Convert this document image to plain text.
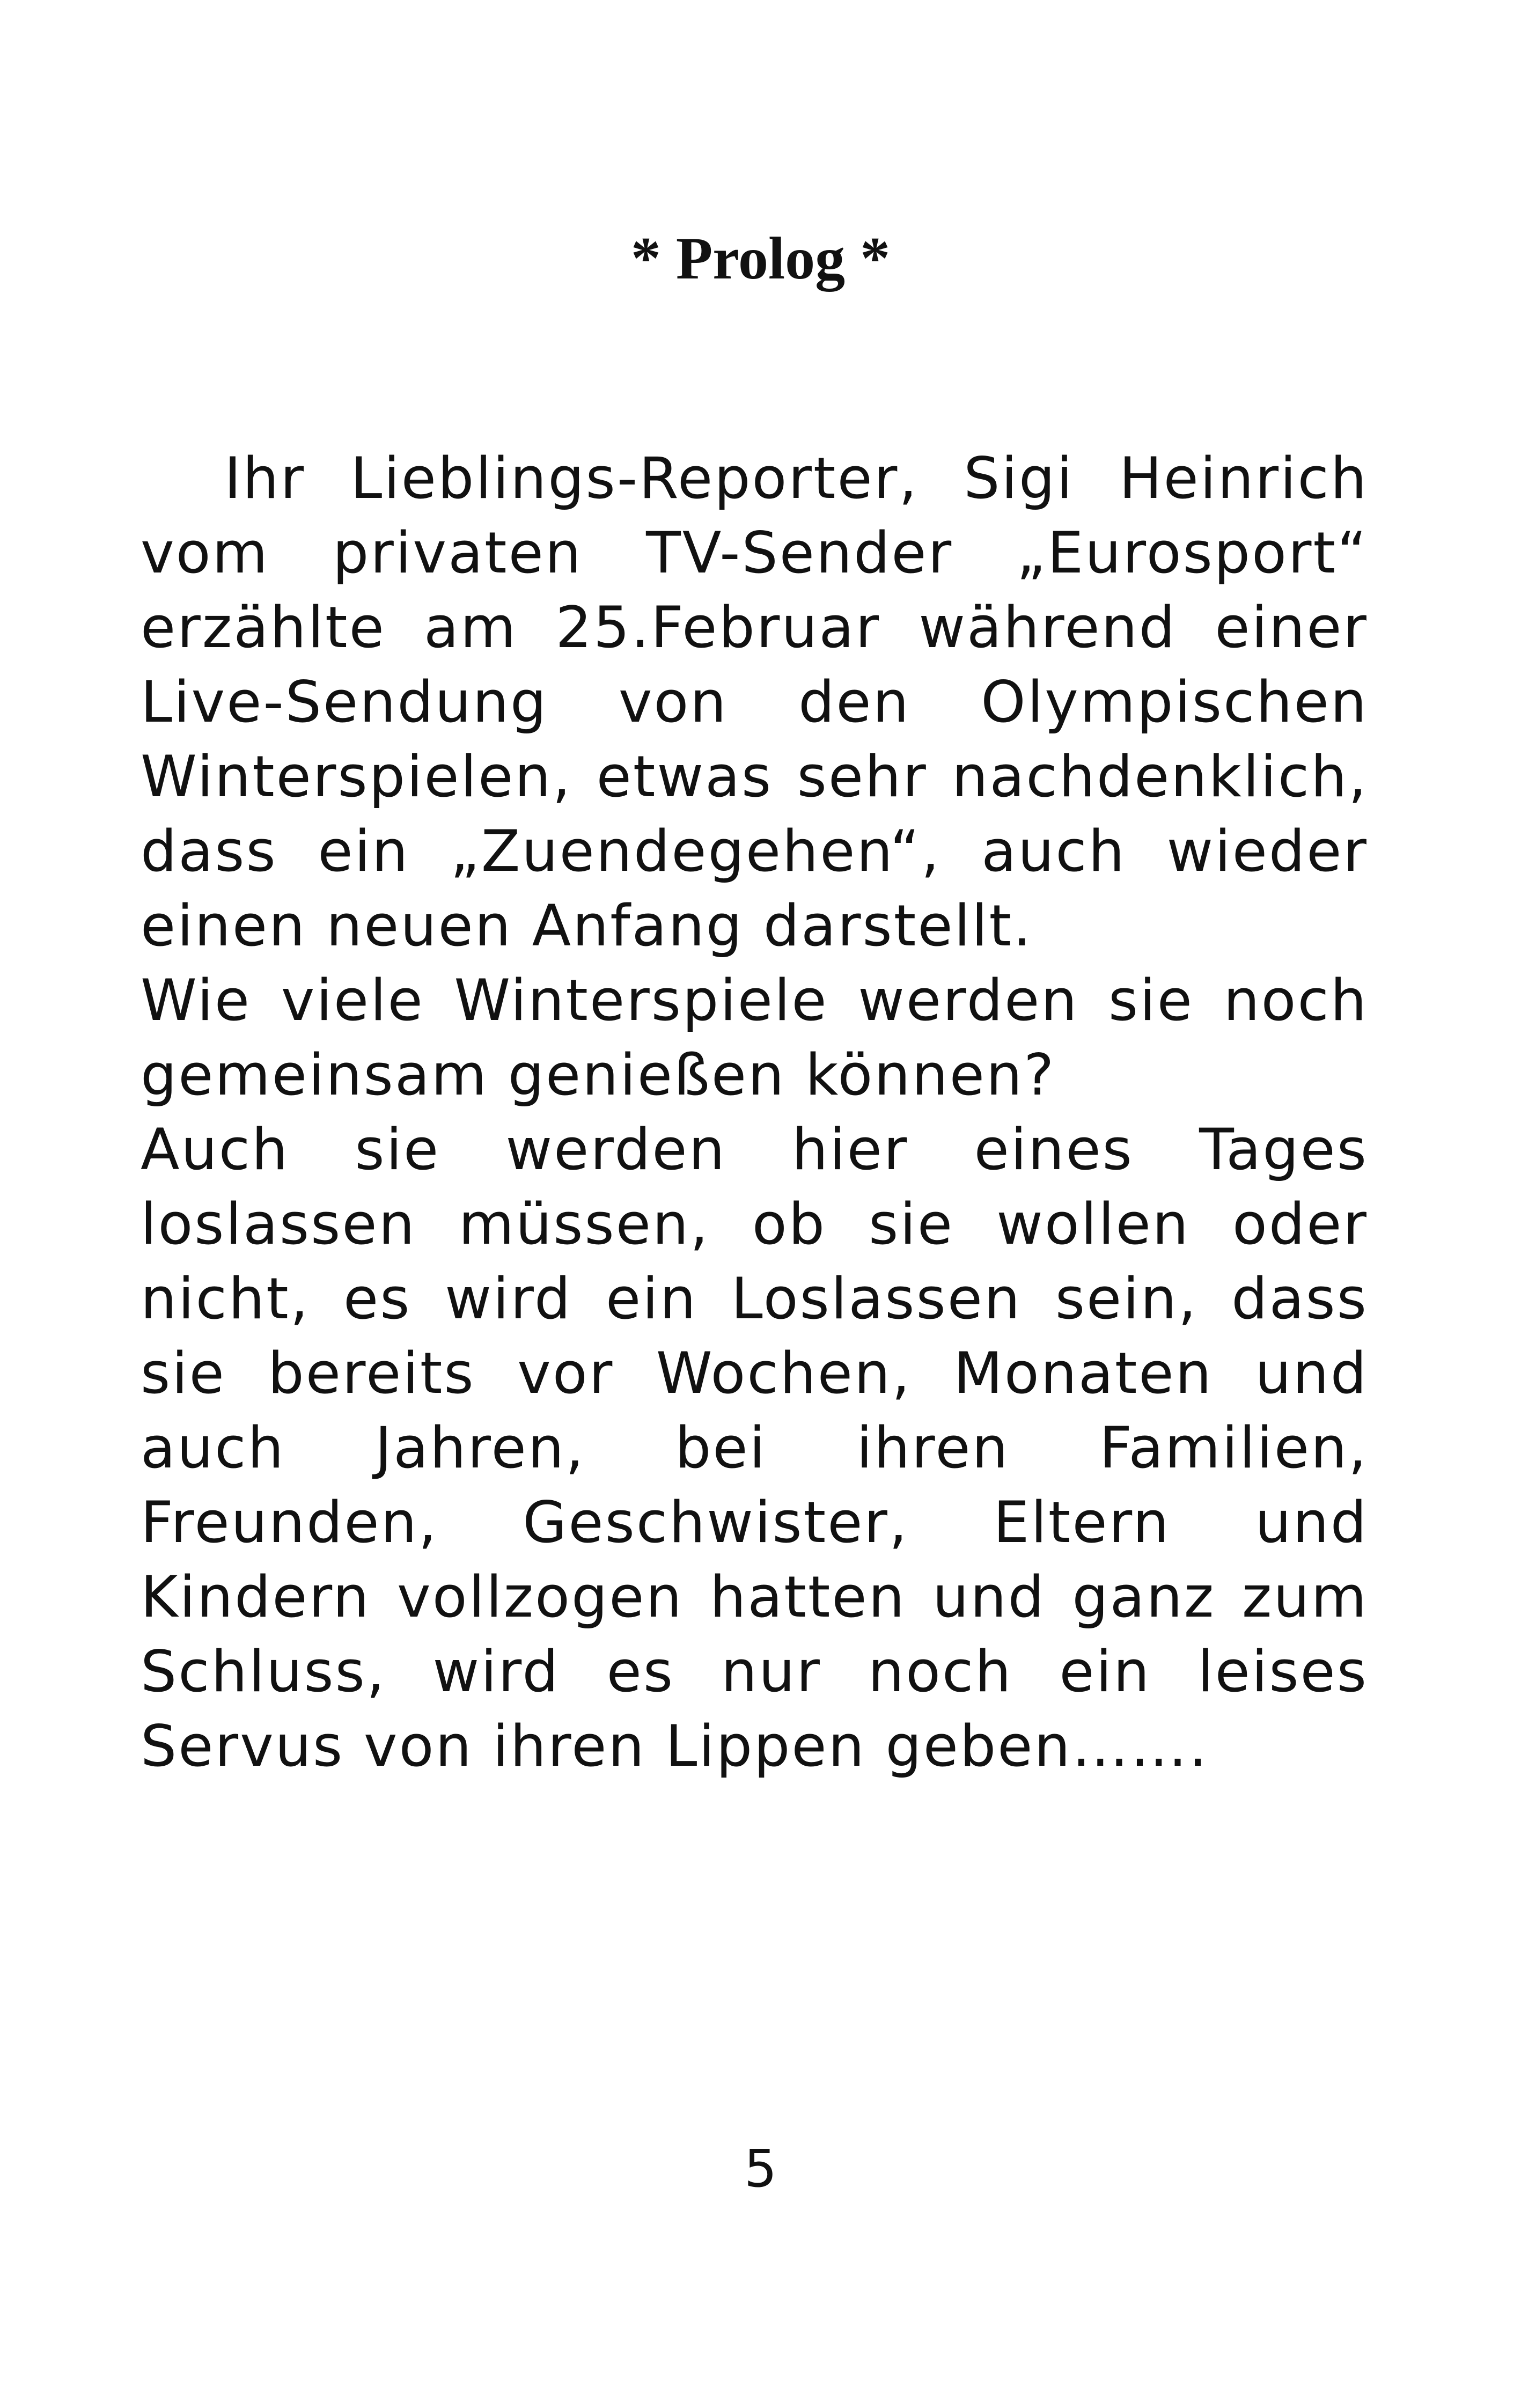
* Prolog *

Ihr Lieblings-Reporter, Sigi Heinrich vom privaten TV-Sender „Eurosport“ erzählte am 25.Februar während einer Live-Sendung von den Olympischen Winterspielen, etwas sehr nachdenklich, dass ein „Zuendegehen“, auch wieder einen neuen Anfang darstellt.

Wie viele Winterspiele werden sie noch gemeinsam genießen können?

Auch sie werden hier eines Tages loslassen müssen, ob sie wollen oder nicht, es wird ein Loslassen sein, dass sie bereits vor Wochen, Monaten und auch Jahren, bei ihren Familien, Freunden, Geschwister, Eltern und Kindern vollzogen hatten und ganz zum Schluss, wird es nur noch ein leises Servus von ihren Lippen geben…….

5
